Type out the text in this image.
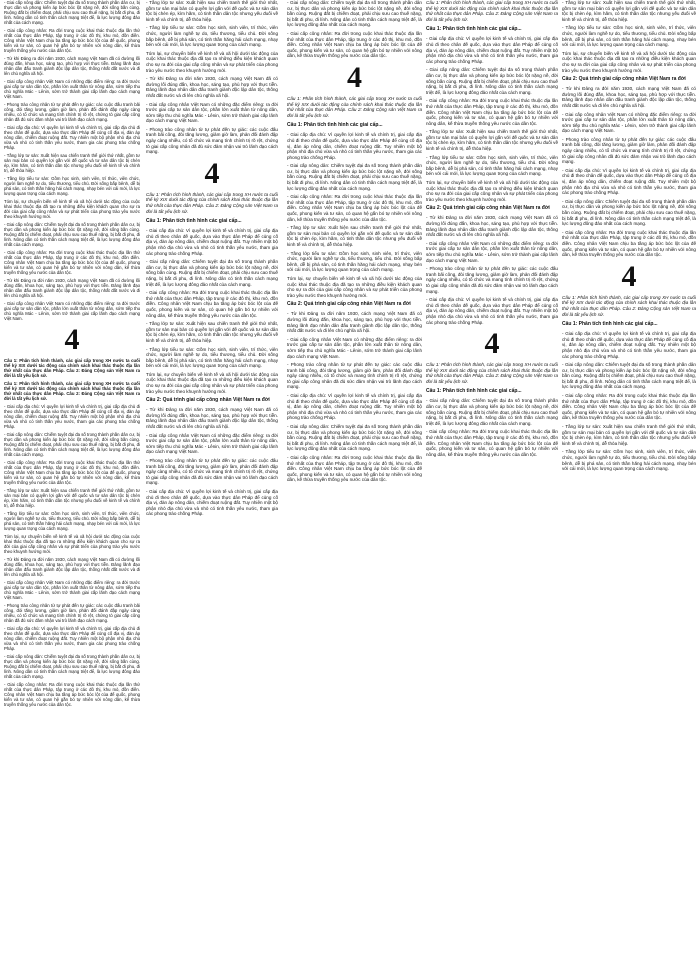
- Giai cấp nông dân: Chiếm tuyệt đại đa số trong thành phần dân cư, bị thực dân và phong kiến áp bức bóc lột nặng nề, đời sống bần cùng. Ruộng đất bị chiếm đoạt, phải chịu sưu cao thuế nặng, bị bắt đi phu, đi lính. Nông dân có tinh thần cách mạng triệt để, là lực lượng đông đảo nhất của cách mạng.

- Giai cấp công nhân: Ra đời trong cuộc khai thác thuộc địa lần thứ nhất của thực dân Pháp, tập trung ở các đô thị, khu mỏ, đồn điền. Công nhân Việt Nam chịu ba tầng áp bức bóc lột của đế quốc, phong kiến và tư sản, có quan hệ gắn bó tự nhiên với nông dân, kế thừa truyền thống yêu nước của dân tộc.

- Từ khi Đảng ra đời năm 1930, cách mạng Việt Nam đã có đường lối đúng đắn, khoa học, sáng tạo, phù hợp với thực tiễn. Đảng lãnh đạo nhân dân đấu tranh giành độc lập dân tộc, thống nhất đất nước và đi lên chủ nghĩa xã hội.

- Giai cấp công nhân Việt Nam có những đặc điểm riêng: ra đời trước giai cấp tư sản dân tộc, phần lớn xuất thân từ nông dân, sớm tiếp thu chủ nghĩa Mác - Lênin, sớm trở thành giai cấp lãnh đạo cách mạng Việt Nam.

- Phong trào công nhân từ tự phát đến tự giác: các cuộc đấu tranh bãi công, đòi tăng lương, giảm giờ làm, phản đối đánh đập ngày càng nhiều, có tổ chức và mang tính chính trị rõ rệt, chứng tỏ giai cấp công nhân đã đủ sức đảm nhận vai trò lãnh đạo cách mạng.

- Giai cấp địa chủ: Vì quyền lợi kinh tế và chính trị, giai cấp địa chủ đi theo chân đế quốc, dựa vào thực dân Pháp để củng cố địa vị, đàn áp nông dân, chiếm đoạt ruộng đất. Tuy nhiên một bộ phận nhỏ địa chủ vừa và nhỏ có tinh thần yêu nước, tham gia các phong trào chống Pháp.

- Tầng lớp tư sản: Xuất hiện sau chiến tranh thế giới thứ nhất, gồm tư sản mại bản có quyền lợi gắn với đế quốc và tư sản dân tộc bị chèn ép, kìm hãm, có tinh thần dân tộc nhưng yếu đuối về kinh tế và chính trị, dễ thỏa hiệp.

- Tầng lớp tiểu tư sản: Gồm học sinh, sinh viên, trí thức, viên chức, người làm nghề tự do, tiểu thương, tiểu chủ. Đời sống bấp bênh, dễ bị phá sản, có tinh thần hăng hái cách mạng, nhạy bén với cái mới, là lực lượng quan trọng của cách mạng.

Tóm lại, sự chuyển biến về kinh tế và xã hội dưới tác động của cuộc khai thác thuộc địa đã tạo ra những điều kiện khách quan cho sự ra đời của giai cấp công nhân và sự phát triển của phong trào yêu nước theo khuynh hướng mới.

- Giai cấp nông dân: Chiếm tuyệt đại đa số trong thành phần dân cư, bị thực dân và phong kiến áp bức bóc lột nặng nề, đời sống bần cùng. Ruộng đất bị chiếm đoạt, phải chịu sưu cao thuế nặng, bị bắt đi phu, đi lính. Nông dân có tinh thần cách mạng triệt để, là lực lượng đông đảo nhất của cách mạng.

- Giai cấp công nhân: Ra đời trong cuộc khai thác thuộc địa lần thứ nhất của thực dân Pháp, tập trung ở các đô thị, khu mỏ, đồn điền. Công nhân Việt Nam chịu ba tầng áp bức bóc lột của đế quốc, phong kiến và tư sản, có quan hệ gắn bó tự nhiên với nông dân, kế thừa truyền thống yêu nước của dân tộc.

- Từ khi Đảng ra đời năm 1930, cách mạng Việt Nam đã có đường lối đúng đắn, khoa học, sáng tạo, phù hợp với thực tiễn. Đảng lãnh đạo nhân dân đấu tranh giành độc lập dân tộc, thống nhất đất nước và đi lên chủ nghĩa xã hội.

- Giai cấp công nhân Việt Nam có những đặc điểm riêng: ra đời trước giai cấp tư sản dân tộc, phần lớn xuất thân từ nông dân, sớm tiếp thu chủ nghĩa Mác - Lênin, sớm trở thành giai cấp lãnh đạo cách mạng Việt Nam.

4

Câu 1: Phân tích hình thành, các giai cấp trong XH nước ta cuối thế kỷ XIX dưới tác động của chính sách khai thác thuộc địa lần thứ nhất của thực dân Pháp. Câu 2: Đảng Cộng sản Việt Nam ra đời là tất yếu lịch sử.

Câu 1: Phân tích hình thành, các giai cấp trong XH nước ta cuối thế kỷ XIX dưới tác động của chính sách khai thác thuộc địa lần thứ nhất của thực dân Pháp. Câu 2: Đảng Cộng sản Việt Nam ra đời là tất yếu lịch sử.

- Giai cấp địa chủ: Vì quyền lợi kinh tế và chính trị, giai cấp địa chủ đi theo chân đế quốc, dựa vào thực dân Pháp để củng cố địa vị, đàn áp nông dân, chiếm đoạt ruộng đất. Tuy nhiên một bộ phận nhỏ địa chủ vừa và nhỏ có tinh thần yêu nước, tham gia các phong trào chống Pháp.

- Giai cấp nông dân: Chiếm tuyệt đại đa số trong thành phần dân cư, bị thực dân và phong kiến áp bức bóc lột nặng nề, đời sống bần cùng. Ruộng đất bị chiếm đoạt, phải chịu sưu cao thuế nặng, bị bắt đi phu, đi lính. Nông dân có tinh thần cách mạng triệt để, là lực lượng đông đảo nhất của cách mạng.

- Giai cấp công nhân: Ra đời trong cuộc khai thác thuộc địa lần thứ nhất của thực dân Pháp, tập trung ở các đô thị, khu mỏ, đồn điền. Công nhân Việt Nam chịu ba tầng áp bức bóc lột của đế quốc, phong kiến và tư sản, có quan hệ gắn bó tự nhiên với nông dân, kế thừa truyền thống yêu nước của dân tộc.

- Tầng lớp tư sản: Xuất hiện sau chiến tranh thế giới thứ nhất, gồm tư sản mại bản có quyền lợi gắn với đế quốc và tư sản dân tộc bị chèn ép, kìm hãm, có tinh thần dân tộc nhưng yếu đuối về kinh tế và chính trị, dễ thỏa hiệp.

- Tầng lớp tiểu tư sản: Gồm học sinh, sinh viên, trí thức, viên chức, người làm nghề tự do, tiểu thương, tiểu chủ. Đời sống bấp bênh, dễ bị phá sản, có tinh thần hăng hái cách mạng, nhạy bén với cái mới, là lực lượng quan trọng của cách mạng.

Tóm lại, sự chuyển biến về kinh tế và xã hội dưới tác động của cuộc khai thác thuộc địa đã tạo ra những điều kiện khách quan cho sự ra đời của giai cấp công nhân và sự phát triển của phong trào yêu nước theo khuynh hướng mới.

- Từ khi Đảng ra đời năm 1930, cách mạng Việt Nam đã có đường lối đúng đắn, khoa học, sáng tạo, phù hợp với thực tiễn. Đảng lãnh đạo nhân dân đấu tranh giành độc lập dân tộc, thống nhất đất nước và đi lên chủ nghĩa xã hội.

- Giai cấp công nhân Việt Nam có những đặc điểm riêng: ra đời trước giai cấp tư sản dân tộc, phần lớn xuất thân từ nông dân, sớm tiếp thu chủ nghĩa Mác - Lênin, sớm trở thành giai cấp lãnh đạo cách mạng Việt Nam.

- Phong trào công nhân từ tự phát đến tự giác: các cuộc đấu tranh bãi công, đòi tăng lương, giảm giờ làm, phản đối đánh đập ngày càng nhiều, có tổ chức và mang tính chính trị rõ rệt, chứng tỏ giai cấp công nhân đã đủ sức đảm nhận vai trò lãnh đạo cách mạng.

- Giai cấp địa chủ: Vì quyền lợi kinh tế và chính trị, giai cấp địa chủ đi theo chân đế quốc, dựa vào thực dân Pháp để củng cố địa vị, đàn áp nông dân, chiếm đoạt ruộng đất. Tuy nhiên một bộ phận nhỏ địa chủ vừa và nhỏ có tinh thần yêu nước, tham gia các phong trào chống Pháp.

- Giai cấp nông dân: Chiếm tuyệt đại đa số trong thành phần dân cư, bị thực dân và phong kiến áp bức bóc lột nặng nề, đời sống bần cùng. Ruộng đất bị chiếm đoạt, phải chịu sưu cao thuế nặng, bị bắt đi phu, đi lính. Nông dân có tinh thần cách mạng triệt để, là lực lượng đông đảo nhất của cách mạng.

- Giai cấp công nhân: Ra đời trong cuộc khai thác thuộc địa lần thứ nhất của thực dân Pháp, tập trung ở các đô thị, khu mỏ, đồn điền. Công nhân Việt Nam chịu ba tầng áp bức bóc lột của đế quốc, phong kiến và tư sản, có quan hệ gắn bó tự nhiên với nông dân, kế thừa truyền thống yêu nước của dân tộc.

- Tầng lớp tư sản: Xuất hiện sau chiến tranh thế giới thứ nhất, gồm tư sản mại bản có quyền lợi gắn với đế quốc và tư sản dân tộc bị chèn ép, kìm hãm, có tinh thần dân tộc nhưng yếu đuối về kinh tế và chính trị, dễ thỏa hiệp.

- Tầng lớp tiểu tư sản: Gồm học sinh, sinh viên, trí thức, viên chức, người làm nghề tự do, tiểu thương, tiểu chủ. Đời sống bấp bênh, dễ bị phá sản, có tinh thần hăng hái cách mạng, nhạy bén với cái mới, là lực lượng quan trọng của cách mạng.

Tóm lại, sự chuyển biến về kinh tế và xã hội dưới tác động của cuộc khai thác thuộc địa đã tạo ra những điều kiện khách quan cho sự ra đời của giai cấp công nhân và sự phát triển của phong trào yêu nước theo khuynh hướng mới.

- Từ khi Đảng ra đời năm 1930, cách mạng Việt Nam đã có đường lối đúng đắn, khoa học, sáng tạo, phù hợp với thực tiễn. Đảng lãnh đạo nhân dân đấu tranh giành độc lập dân tộc, thống nhất đất nước và đi lên chủ nghĩa xã hội.

- Giai cấp công nhân Việt Nam có những đặc điểm riêng: ra đời trước giai cấp tư sản dân tộc, phần lớn xuất thân từ nông dân, sớm tiếp thu chủ nghĩa Mác - Lênin, sớm trở thành giai cấp lãnh đạo cách mạng Việt Nam.

- Phong trào công nhân từ tự phát đến tự giác: các cuộc đấu tranh bãi công, đòi tăng lương, giảm giờ làm, phản đối đánh đập ngày càng nhiều, có tổ chức và mang tính chính trị rõ rệt, chứng tỏ giai cấp công nhân đã đủ sức đảm nhận vai trò lãnh đạo cách mạng.

4

Câu 1: Phân tích hình thành, các giai cấp trong XH nước ta cuối thế kỷ XIX dưới tác động của chính sách khai thác thuộc địa lần thứ nhất của thực dân Pháp. Câu 2: Đảng Cộng sản Việt Nam ra đời là tất yếu lịch sử.

Câu 1: Phân tích tình hình các giai cấp...

- Giai cấp địa chủ: Vì quyền lợi kinh tế và chính trị, giai cấp địa chủ đi theo chân đế quốc, dựa vào thực dân Pháp để củng cố địa vị, đàn áp nông dân, chiếm đoạt ruộng đất. Tuy nhiên một bộ phận nhỏ địa chủ vừa và nhỏ có tinh thần yêu nước, tham gia các phong trào chống Pháp.

- Giai cấp nông dân: Chiếm tuyệt đại đa số trong thành phần dân cư, bị thực dân và phong kiến áp bức bóc lột nặng nề, đời sống bần cùng. Ruộng đất bị chiếm đoạt, phải chịu sưu cao thuế nặng, bị bắt đi phu, đi lính. Nông dân có tinh thần cách mạng triệt để, là lực lượng đông đảo nhất của cách mạng.

- Giai cấp công nhân: Ra đời trong cuộc khai thác thuộc địa lần thứ nhất của thực dân Pháp, tập trung ở các đô thị, khu mỏ, đồn điền. Công nhân Việt Nam chịu ba tầng áp bức bóc lột của đế quốc, phong kiến và tư sản, có quan hệ gắn bó tự nhiên với nông dân, kế thừa truyền thống yêu nước của dân tộc.

- Tầng lớp tư sản: Xuất hiện sau chiến tranh thế giới thứ nhất, gồm tư sản mại bản có quyền lợi gắn với đế quốc và tư sản dân tộc bị chèn ép, kìm hãm, có tinh thần dân tộc nhưng yếu đuối về kinh tế và chính trị, dễ thỏa hiệp.

- Tầng lớp tiểu tư sản: Gồm học sinh, sinh viên, trí thức, viên chức, người làm nghề tự do, tiểu thương, tiểu chủ. Đời sống bấp bênh, dễ bị phá sản, có tinh thần hăng hái cách mạng, nhạy bén với cái mới, là lực lượng quan trọng của cách mạng.

Tóm lại, sự chuyển biến về kinh tế và xã hội dưới tác động của cuộc khai thác thuộc địa đã tạo ra những điều kiện khách quan cho sự ra đời của giai cấp công nhân và sự phát triển của phong trào yêu nước theo khuynh hướng mới.

Câu 2: Quá trình giai cấp công nhân Việt Nam ra đời

- Từ khi Đảng ra đời năm 1930, cách mạng Việt Nam đã có đường lối đúng đắn, khoa học, sáng tạo, phù hợp với thực tiễn. Đảng lãnh đạo nhân dân đấu tranh giành độc lập dân tộc, thống nhất đất nước và đi lên chủ nghĩa xã hội.

- Giai cấp công nhân Việt Nam có những đặc điểm riêng: ra đời trước giai cấp tư sản dân tộc, phần lớn xuất thân từ nông dân, sớm tiếp thu chủ nghĩa Mác - Lênin, sớm trở thành giai cấp lãnh đạo cách mạng Việt Nam.

- Phong trào công nhân từ tự phát đến tự giác: các cuộc đấu tranh bãi công, đòi tăng lương, giảm giờ làm, phản đối đánh đập ngày càng nhiều, có tổ chức và mang tính chính trị rõ rệt, chứng tỏ giai cấp công nhân đã đủ sức đảm nhận vai trò lãnh đạo cách mạng.

- Giai cấp địa chủ: Vì quyền lợi kinh tế và chính trị, giai cấp địa chủ đi theo chân đế quốc, dựa vào thực dân Pháp để củng cố địa vị, đàn áp nông dân, chiếm đoạt ruộng đất. Tuy nhiên một bộ phận nhỏ địa chủ vừa và nhỏ có tinh thần yêu nước, tham gia các phong trào chống Pháp.

- Giai cấp nông dân: Chiếm tuyệt đại đa số trong thành phần dân cư, bị thực dân và phong kiến áp bức bóc lột nặng nề, đời sống bần cùng. Ruộng đất bị chiếm đoạt, phải chịu sưu cao thuế nặng, bị bắt đi phu, đi lính. Nông dân có tinh thần cách mạng triệt để, là lực lượng đông đảo nhất của cách mạng.

- Giai cấp công nhân: Ra đời trong cuộc khai thác thuộc địa lần thứ nhất của thực dân Pháp, tập trung ở các đô thị, khu mỏ, đồn điền. Công nhân Việt Nam chịu ba tầng áp bức bóc lột của đế quốc, phong kiến và tư sản, có quan hệ gắn bó tự nhiên với nông dân, kế thừa truyền thống yêu nước của dân tộc.

4

Câu 1: Phân tích hình thành, các giai cấp trong XH nước ta cuối thế kỷ XIX dưới tác động của chính sách khai thác thuộc địa lần thứ nhất của thực dân Pháp. Câu 2: Đảng Cộng sản Việt Nam ra đời là tất yếu lịch sử.

Câu 1: Phân tích tình hình các giai cấp...

- Giai cấp địa chủ: Vì quyền lợi kinh tế và chính trị, giai cấp địa chủ đi theo chân đế quốc, dựa vào thực dân Pháp để củng cố địa vị, đàn áp nông dân, chiếm đoạt ruộng đất. Tuy nhiên một bộ phận nhỏ địa chủ vừa và nhỏ có tinh thần yêu nước, tham gia các phong trào chống Pháp.

- Giai cấp nông dân: Chiếm tuyệt đại đa số trong thành phần dân cư, bị thực dân và phong kiến áp bức bóc lột nặng nề, đời sống bần cùng. Ruộng đất bị chiếm đoạt, phải chịu sưu cao thuế nặng, bị bắt đi phu, đi lính. Nông dân có tinh thần cách mạng triệt để, là lực lượng đông đảo nhất của cách mạng.

- Giai cấp công nhân: Ra đời trong cuộc khai thác thuộc địa lần thứ nhất của thực dân Pháp, tập trung ở các đô thị, khu mỏ, đồn điền. Công nhân Việt Nam chịu ba tầng áp bức bóc lột của đế quốc, phong kiến và tư sản, có quan hệ gắn bó tự nhiên với nông dân, kế thừa truyền thống yêu nước của dân tộc.

- Tầng lớp tư sản: Xuất hiện sau chiến tranh thế giới thứ nhất, gồm tư sản mại bản có quyền lợi gắn với đế quốc và tư sản dân tộc bị chèn ép, kìm hãm, có tinh thần dân tộc nhưng yếu đuối về kinh tế và chính trị, dễ thỏa hiệp.

- Tầng lớp tiểu tư sản: Gồm học sinh, sinh viên, trí thức, viên chức, người làm nghề tự do, tiểu thương, tiểu chủ. Đời sống bấp bênh, dễ bị phá sản, có tinh thần hăng hái cách mạng, nhạy bén với cái mới, là lực lượng quan trọng của cách mạng.

Tóm lại, sự chuyển biến về kinh tế và xã hội dưới tác động của cuộc khai thác thuộc địa đã tạo ra những điều kiện khách quan cho sự ra đời của giai cấp công nhân và sự phát triển của phong trào yêu nước theo khuynh hướng mới.

Câu 2: Quá trình giai cấp công nhân Việt Nam ra đời

- Từ khi Đảng ra đời năm 1930, cách mạng Việt Nam đã có đường lối đúng đắn, khoa học, sáng tạo, phù hợp với thực tiễn. Đảng lãnh đạo nhân dân đấu tranh giành độc lập dân tộc, thống nhất đất nước và đi lên chủ nghĩa xã hội.

- Giai cấp công nhân Việt Nam có những đặc điểm riêng: ra đời trước giai cấp tư sản dân tộc, phần lớn xuất thân từ nông dân, sớm tiếp thu chủ nghĩa Mác - Lênin, sớm trở thành giai cấp lãnh đạo cách mạng Việt Nam.

- Phong trào công nhân từ tự phát đến tự giác: các cuộc đấu tranh bãi công, đòi tăng lương, giảm giờ làm, phản đối đánh đập ngày càng nhiều, có tổ chức và mang tính chính trị rõ rệt, chứng tỏ giai cấp công nhân đã đủ sức đảm nhận vai trò lãnh đạo cách mạng.

- Giai cấp địa chủ: Vì quyền lợi kinh tế và chính trị, giai cấp địa chủ đi theo chân đế quốc, dựa vào thực dân Pháp để củng cố địa vị, đàn áp nông dân, chiếm đoạt ruộng đất. Tuy nhiên một bộ phận nhỏ địa chủ vừa và nhỏ có tinh thần yêu nước, tham gia các phong trào chống Pháp.

- Giai cấp nông dân: Chiếm tuyệt đại đa số trong thành phần dân cư, bị thực dân và phong kiến áp bức bóc lột nặng nề, đời sống bần cùng. Ruộng đất bị chiếm đoạt, phải chịu sưu cao thuế nặng, bị bắt đi phu, đi lính. Nông dân có tinh thần cách mạng triệt để, là lực lượng đông đảo nhất của cách mạng.

- Giai cấp công nhân: Ra đời trong cuộc khai thác thuộc địa lần thứ nhất của thực dân Pháp, tập trung ở các đô thị, khu mỏ, đồn điền. Công nhân Việt Nam chịu ba tầng áp bức bóc lột của đế quốc, phong kiến và tư sản, có quan hệ gắn bó tự nhiên với nông dân, kế thừa truyền thống yêu nước của dân tộc.

Câu 1: Phân tích hình thành, các giai cấp trong XH nước ta cuối thế kỷ XIX dưới tác động của chính sách khai thác thuộc địa lần thứ nhất của thực dân Pháp. Câu 2: Đảng Cộng sản Việt Nam ra đời là tất yếu lịch sử.

Câu 1: Phân tích tình hình các giai cấp...

- Giai cấp địa chủ: Vì quyền lợi kinh tế và chính trị, giai cấp địa chủ đi theo chân đế quốc, dựa vào thực dân Pháp để củng cố địa vị, đàn áp nông dân, chiếm đoạt ruộng đất. Tuy nhiên một bộ phận nhỏ địa chủ vừa và nhỏ có tinh thần yêu nước, tham gia các phong trào chống Pháp.

- Giai cấp nông dân: Chiếm tuyệt đại đa số trong thành phần dân cư, bị thực dân và phong kiến áp bức bóc lột nặng nề, đời sống bần cùng. Ruộng đất bị chiếm đoạt, phải chịu sưu cao thuế nặng, bị bắt đi phu, đi lính. Nông dân có tinh thần cách mạng triệt để, là lực lượng đông đảo nhất của cách mạng.

- Giai cấp công nhân: Ra đời trong cuộc khai thác thuộc địa lần thứ nhất của thực dân Pháp, tập trung ở các đô thị, khu mỏ, đồn điền. Công nhân Việt Nam chịu ba tầng áp bức bóc lột của đế quốc, phong kiến và tư sản, có quan hệ gắn bó tự nhiên với nông dân, kế thừa truyền thống yêu nước của dân tộc.

- Tầng lớp tư sản: Xuất hiện sau chiến tranh thế giới thứ nhất, gồm tư sản mại bản có quyền lợi gắn với đế quốc và tư sản dân tộc bị chèn ép, kìm hãm, có tinh thần dân tộc nhưng yếu đuối về kinh tế và chính trị, dễ thỏa hiệp.

- Tầng lớp tiểu tư sản: Gồm học sinh, sinh viên, trí thức, viên chức, người làm nghề tự do, tiểu thương, tiểu chủ. Đời sống bấp bênh, dễ bị phá sản, có tinh thần hăng hái cách mạng, nhạy bén với cái mới, là lực lượng quan trọng của cách mạng.

Tóm lại, sự chuyển biến về kinh tế và xã hội dưới tác động của cuộc khai thác thuộc địa đã tạo ra những điều kiện khách quan cho sự ra đời của giai cấp công nhân và sự phát triển của phong trào yêu nước theo khuynh hướng mới.

Câu 2: Quá trình giai cấp công nhân Việt Nam ra đời

- Từ khi Đảng ra đời năm 1930, cách mạng Việt Nam đã có đường lối đúng đắn, khoa học, sáng tạo, phù hợp với thực tiễn. Đảng lãnh đạo nhân dân đấu tranh giành độc lập dân tộc, thống nhất đất nước và đi lên chủ nghĩa xã hội.

- Giai cấp công nhân Việt Nam có những đặc điểm riêng: ra đời trước giai cấp tư sản dân tộc, phần lớn xuất thân từ nông dân, sớm tiếp thu chủ nghĩa Mác - Lênin, sớm trở thành giai cấp lãnh đạo cách mạng Việt Nam.

- Phong trào công nhân từ tự phát đến tự giác: các cuộc đấu tranh bãi công, đòi tăng lương, giảm giờ làm, phản đối đánh đập ngày càng nhiều, có tổ chức và mang tính chính trị rõ rệt, chứng tỏ giai cấp công nhân đã đủ sức đảm nhận vai trò lãnh đạo cách mạng.

- Giai cấp địa chủ: Vì quyền lợi kinh tế và chính trị, giai cấp địa chủ đi theo chân đế quốc, dựa vào thực dân Pháp để củng cố địa vị, đàn áp nông dân, chiếm đoạt ruộng đất. Tuy nhiên một bộ phận nhỏ địa chủ vừa và nhỏ có tinh thần yêu nước, tham gia các phong trào chống Pháp.

4

Câu 1: Phân tích hình thành, các giai cấp trong XH nước ta cuối thế kỷ XIX dưới tác động của chính sách khai thác thuộc địa lần thứ nhất của thực dân Pháp. Câu 2: Đảng Cộng sản Việt Nam ra đời là tất yếu lịch sử.

Câu 1: Phân tích tình hình các giai cấp...

- Giai cấp nông dân: Chiếm tuyệt đại đa số trong thành phần dân cư, bị thực dân và phong kiến áp bức bóc lột nặng nề, đời sống bần cùng. Ruộng đất bị chiếm đoạt, phải chịu sưu cao thuế nặng, bị bắt đi phu, đi lính. Nông dân có tinh thần cách mạng triệt để, là lực lượng đông đảo nhất của cách mạng.

- Giai cấp công nhân: Ra đời trong cuộc khai thác thuộc địa lần thứ nhất của thực dân Pháp, tập trung ở các đô thị, khu mỏ, đồn điền. Công nhân Việt Nam chịu ba tầng áp bức bóc lột của đế quốc, phong kiến và tư sản, có quan hệ gắn bó tự nhiên với nông dân, kế thừa truyền thống yêu nước của dân tộc.

- Tầng lớp tư sản: Xuất hiện sau chiến tranh thế giới thứ nhất, gồm tư sản mại bản có quyền lợi gắn với đế quốc và tư sản dân tộc bị chèn ép, kìm hãm, có tinh thần dân tộc nhưng yếu đuối về kinh tế và chính trị, dễ thỏa hiệp.

- Tầng lớp tiểu tư sản: Gồm học sinh, sinh viên, trí thức, viên chức, người làm nghề tự do, tiểu thương, tiểu chủ. Đời sống bấp bênh, dễ bị phá sản, có tinh thần hăng hái cách mạng, nhạy bén với cái mới, là lực lượng quan trọng của cách mạng.

Tóm lại, sự chuyển biến về kinh tế và xã hội dưới tác động của cuộc khai thác thuộc địa đã tạo ra những điều kiện khách quan cho sự ra đời của giai cấp công nhân và sự phát triển của phong trào yêu nước theo khuynh hướng mới.

Câu 2: Quá trình giai cấp công nhân Việt Nam ra đời

- Từ khi Đảng ra đời năm 1930, cách mạng Việt Nam đã có đường lối đúng đắn, khoa học, sáng tạo, phù hợp với thực tiễn. Đảng lãnh đạo nhân dân đấu tranh giành độc lập dân tộc, thống nhất đất nước và đi lên chủ nghĩa xã hội.

- Giai cấp công nhân Việt Nam có những đặc điểm riêng: ra đời trước giai cấp tư sản dân tộc, phần lớn xuất thân từ nông dân, sớm tiếp thu chủ nghĩa Mác - Lênin, sớm trở thành giai cấp lãnh đạo cách mạng Việt Nam.

- Phong trào công nhân từ tự phát đến tự giác: các cuộc đấu tranh bãi công, đòi tăng lương, giảm giờ làm, phản đối đánh đập ngày càng nhiều, có tổ chức và mang tính chính trị rõ rệt, chứng tỏ giai cấp công nhân đã đủ sức đảm nhận vai trò lãnh đạo cách mạng.

- Giai cấp địa chủ: Vì quyền lợi kinh tế và chính trị, giai cấp địa chủ đi theo chân đế quốc, dựa vào thực dân Pháp để củng cố địa vị, đàn áp nông dân, chiếm đoạt ruộng đất. Tuy nhiên một bộ phận nhỏ địa chủ vừa và nhỏ có tinh thần yêu nước, tham gia các phong trào chống Pháp.

- Giai cấp nông dân: Chiếm tuyệt đại đa số trong thành phần dân cư, bị thực dân và phong kiến áp bức bóc lột nặng nề, đời sống bần cùng. Ruộng đất bị chiếm đoạt, phải chịu sưu cao thuế nặng, bị bắt đi phu, đi lính. Nông dân có tinh thần cách mạng triệt để, là lực lượng đông đảo nhất của cách mạng.

- Giai cấp công nhân: Ra đời trong cuộc khai thác thuộc địa lần thứ nhất của thực dân Pháp, tập trung ở các đô thị, khu mỏ, đồn điền. Công nhân Việt Nam chịu ba tầng áp bức bóc lột của đế quốc, phong kiến và tư sản, có quan hệ gắn bó tự nhiên với nông dân, kế thừa truyền thống yêu nước của dân tộc.

4

Câu 1: Phân tích hình thành, các giai cấp trong XH nước ta cuối thế kỷ XIX dưới tác động của chính sách khai thác thuộc địa lần thứ nhất của thực dân Pháp. Câu 2: Đảng Cộng sản Việt Nam ra đời là tất yếu lịch sử.

Câu 1: Phân tích tình hình các giai cấp...

- Giai cấp địa chủ: Vì quyền lợi kinh tế và chính trị, giai cấp địa chủ đi theo chân đế quốc, dựa vào thực dân Pháp để củng cố địa vị, đàn áp nông dân, chiếm đoạt ruộng đất. Tuy nhiên một bộ phận nhỏ địa chủ vừa và nhỏ có tinh thần yêu nước, tham gia các phong trào chống Pháp.

- Giai cấp nông dân: Chiếm tuyệt đại đa số trong thành phần dân cư, bị thực dân và phong kiến áp bức bóc lột nặng nề, đời sống bần cùng. Ruộng đất bị chiếm đoạt, phải chịu sưu cao thuế nặng, bị bắt đi phu, đi lính. Nông dân có tinh thần cách mạng triệt để, là lực lượng đông đảo nhất của cách mạng.

- Giai cấp công nhân: Ra đời trong cuộc khai thác thuộc địa lần thứ nhất của thực dân Pháp, tập trung ở các đô thị, khu mỏ, đồn điền. Công nhân Việt Nam chịu ba tầng áp bức bóc lột của đế quốc, phong kiến và tư sản, có quan hệ gắn bó tự nhiên với nông dân, kế thừa truyền thống yêu nước của dân tộc.

- Tầng lớp tư sản: Xuất hiện sau chiến tranh thế giới thứ nhất, gồm tư sản mại bản có quyền lợi gắn với đế quốc và tư sản dân tộc bị chèn ép, kìm hãm, có tinh thần dân tộc nhưng yếu đuối về kinh tế và chính trị, dễ thỏa hiệp.

- Tầng lớp tiểu tư sản: Gồm học sinh, sinh viên, trí thức, viên chức, người làm nghề tự do, tiểu thương, tiểu chủ. Đời sống bấp bênh, dễ bị phá sản, có tinh thần hăng hái cách mạng, nhạy bén với cái mới, là lực lượng quan trọng của cách mạng.
